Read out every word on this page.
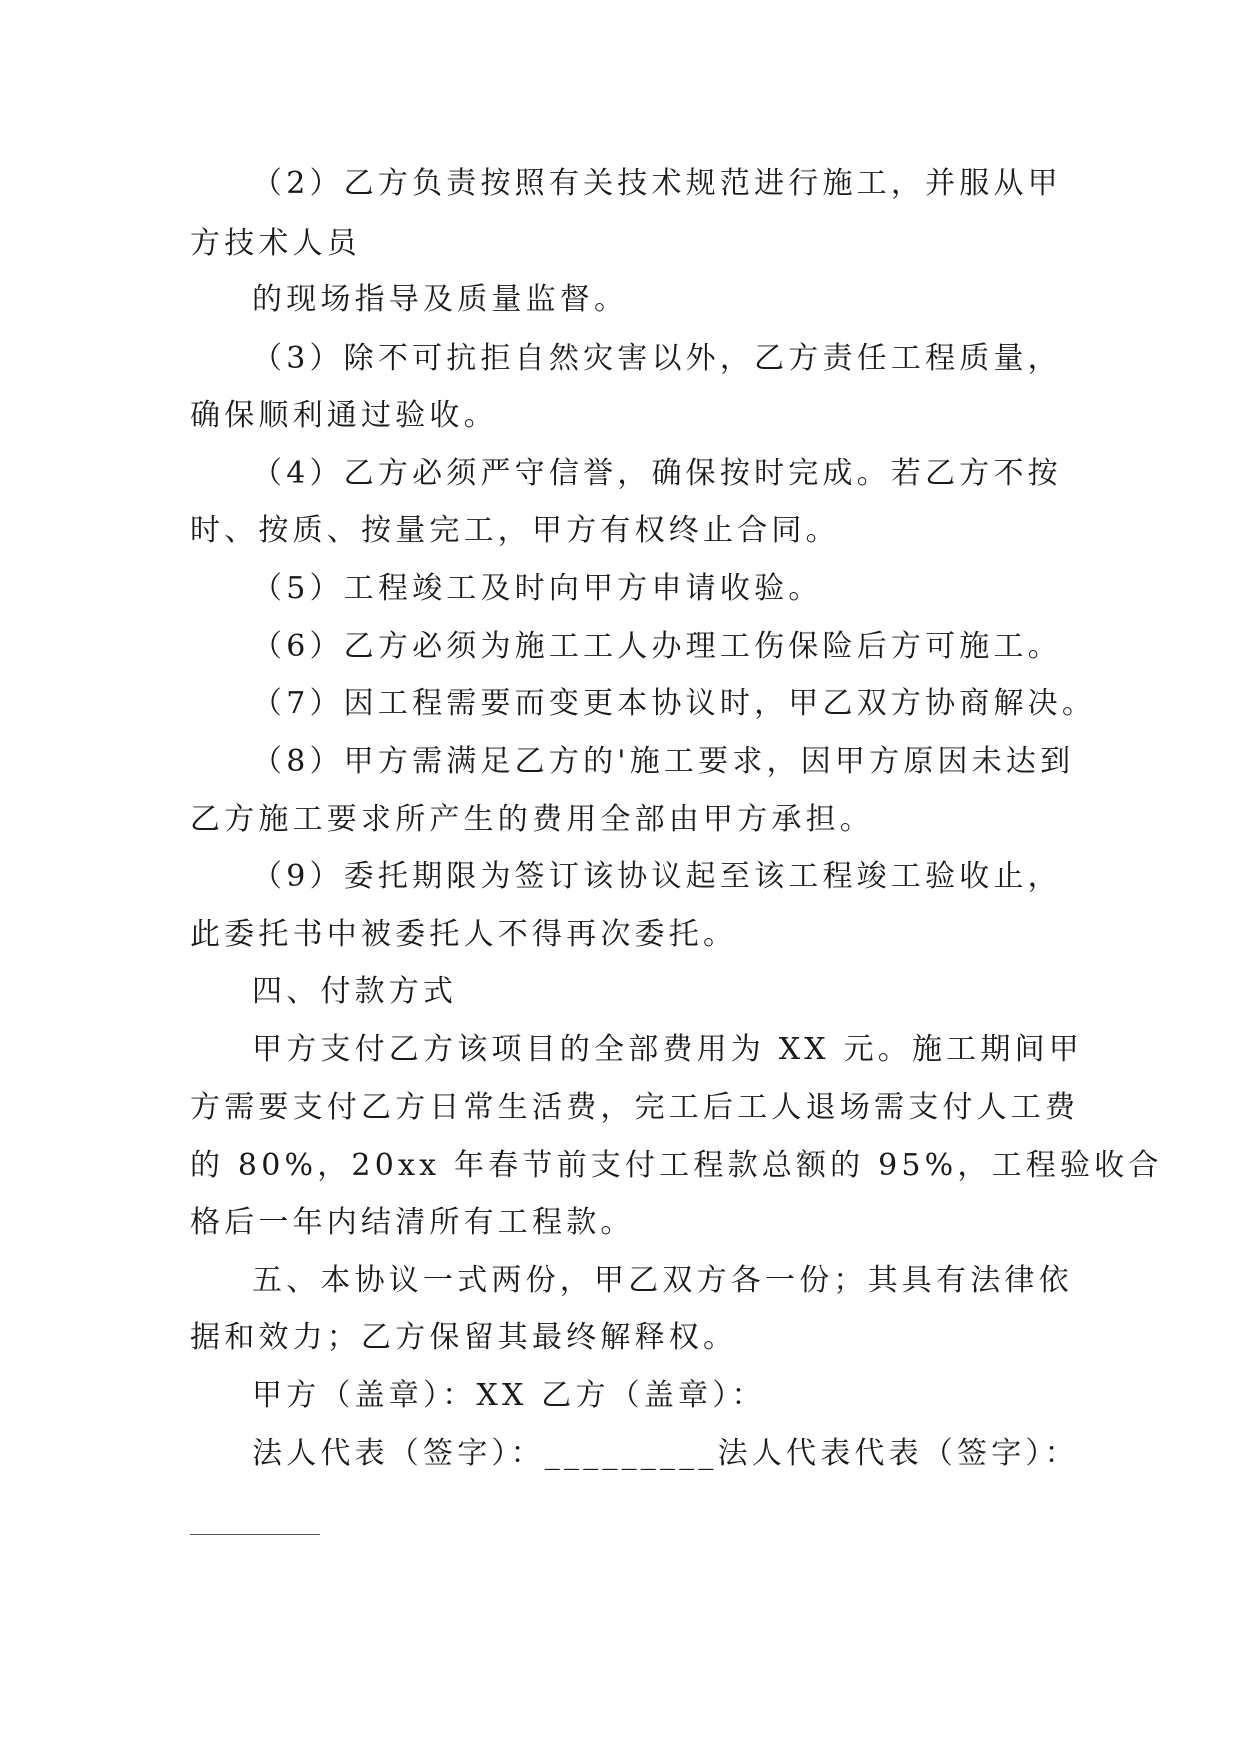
（2）乙方负责按照有关技术规范进行施工，并服从甲

方技术人员

的现场指导及质量监督。

（3）除不可抗拒自然灾害以外，乙方责任工程质量，

确保顺利通过验收。

（4）乙方必须严守信誉，确保按时完成。若乙方不按

时、按质、按量完工，甲方有权终止合同。

（5）工程竣工及时向甲方申请收验。

（6）乙方必须为施工工人办理工伤保险后方可施工。

（7）因工程需要而变更本协议时，甲乙双方协商解决。

（8）甲方需满足乙方的'施工要求，因甲方原因未达到

乙方施工要求所产生的费用全部由甲方承担。

（9）委托期限为签订该协议起至该工程竣工验收止，

此委托书中被委托人不得再次委托。

四、付款方式

甲方支付乙方该项目的全部费用为 XX 元。施工期间甲

方需要支付乙方日常生活费，完工后工人退场需支付人工费

的 80%，20xx 年春节前支付工程款总额的 95%，工程验收合

格后一年内结清所有工程款。

五、本协议一式两份，甲乙双方各一份；其具有法律依

据和效力；乙方保留其最终解释权。

甲方（盖章）：XX 乙方（盖章）：

法人代表（签字）：_________法人代表代表（签字）：
